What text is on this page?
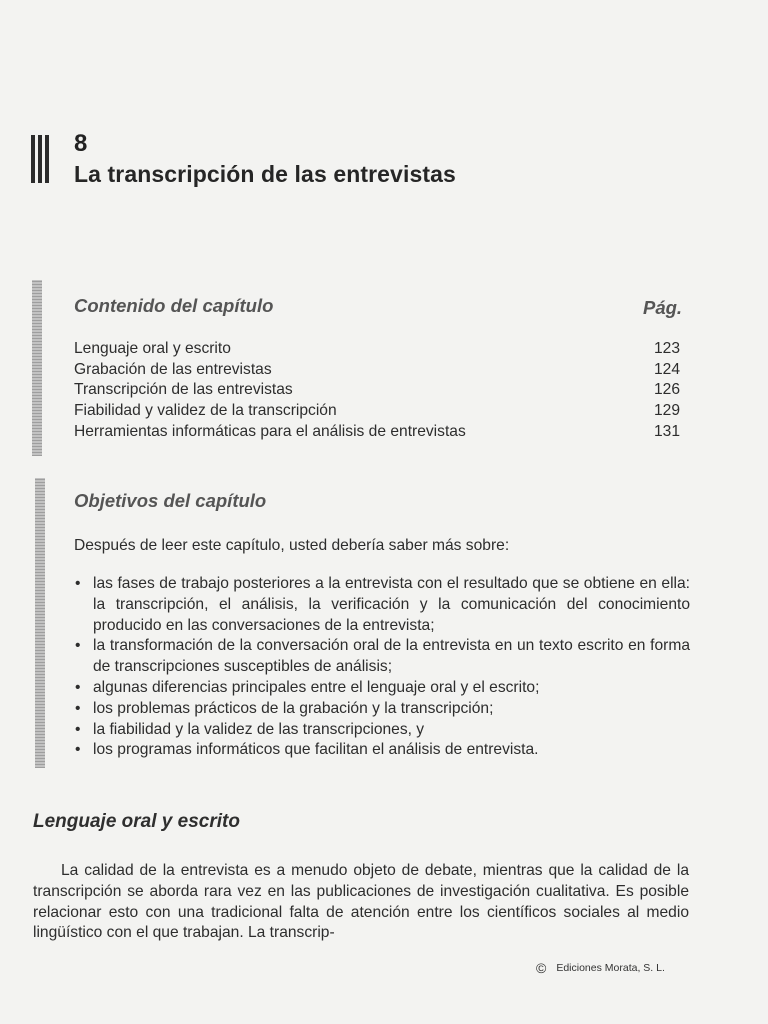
8
La transcripción de las entrevistas
Contenido del capítulo	Pág.
Lenguaje oral y escrito	123
Grabación de las entrevistas	124
Transcripción de las entrevistas	126
Fiabilidad y validez de la transcripción	129
Herramientas informáticas para el análisis de entrevistas	131
Objetivos del capítulo
Después de leer este capítulo, usted debería saber más sobre:
• las fases de trabajo posteriores a la entrevista con el resultado que se obtiene en ella: la transcripción, el análisis, la verificación y la comunicación del conocimiento producido en las conversaciones de la entrevista;
• la transformación de la conversación oral de la entrevista en un texto escrito en forma de transcripciones susceptibles de análisis;
• algunas diferencias principales entre el lenguaje oral y el escrito;
• los problemas prácticos de la grabación y la transcripción;
• la fiabilidad y la validez de las transcripciones, y
• los programas informáticos que facilitan el análisis de entrevista.
Lenguaje oral y escrito

La calidad de la entrevista es a menudo objeto de debate, mientras que la calidad de la transcripción se aborda rara vez en las publicaciones de investigación cualitativa. Es posible relacionar esto con una tradicional falta de atención entre los científicos sociales al medio lingüístico con el que trabajan. La transcrip-

© Ediciones Morata, S. L.
